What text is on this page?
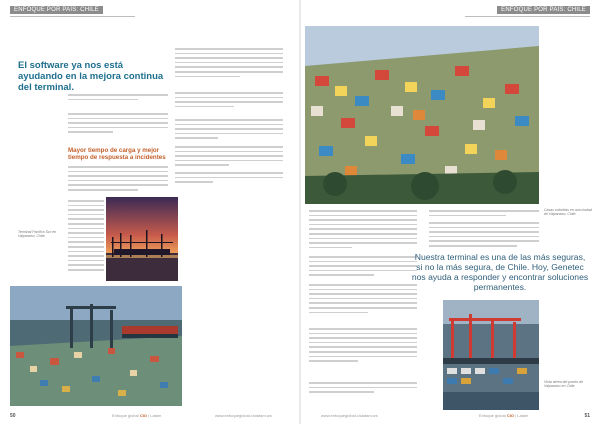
ENFOQUE POR PAÍS: CHILE
El software ya nos está ayudando en la mejora continua del terminal.
Mayor tiempo de carga y mejor tiempo de respuesta a incidentes

Terminal Pacífico Sur en Valparaíso, Chile.

50	Enfoque global CIO | Latam	www.enfoqueglobal.ciolatam.ws
ENFOQUE POR PAÍS: CHILE

Casas coloridas en una ciudad de Valparaíso, Chile.

Nuestra terminal es una de las más seguras, si no la más segura, de Chile. Hoy, Genetec nos ayuda a responder y encontrar soluciones permanentes.

Vista aérea del puerto de Valparaíso en Chile.

www.enfoqueglobal.ciolatam.ws	Enfoque global CIO | Latam	51
